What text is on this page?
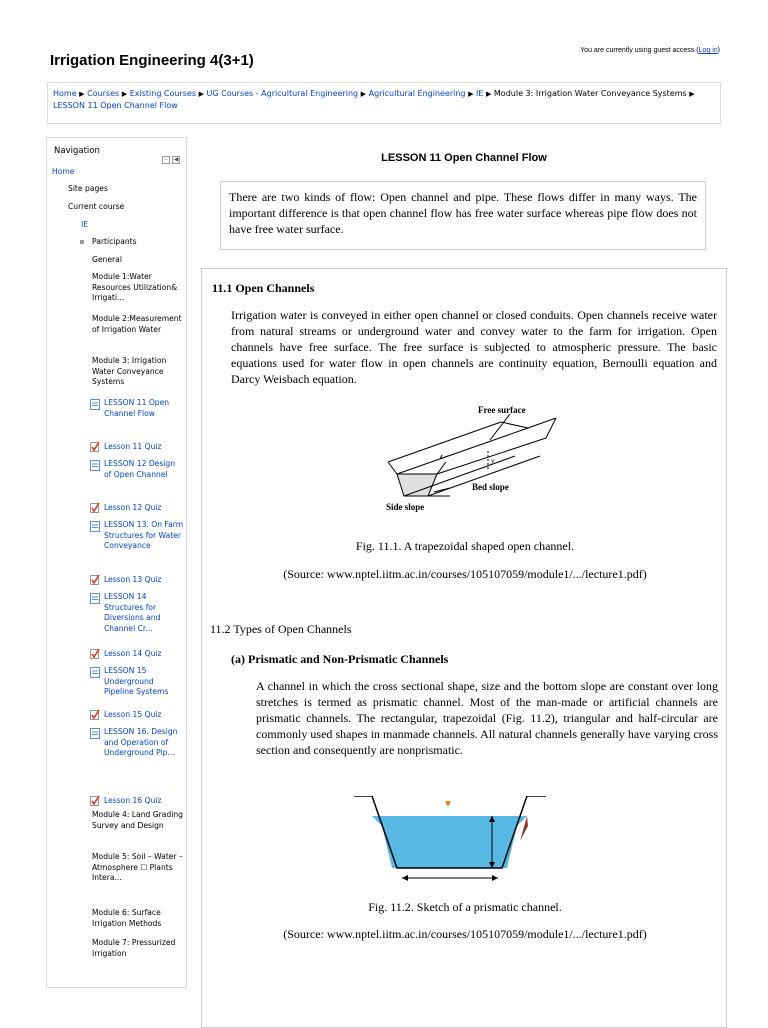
Irrigation Engineering 4(3+1)
You are currently using guest access (Log in)
Home ▶ Courses ▶ Existing Courses ▶ UG Courses - Agricultural Engineering ▶ Agricultural Engineering ▶ IE ▶ Module 3: Irrigation Water Conveyance Systems ▶ LESSON 11 Open Channel Flow
Navigation
– ◀
Home
Site pages
Current course
IE
Participants
General
Module 1:Water Resources Utilization& Irrigati...
Module 2:Measurement of Irrigation Water
Module 3: Irrigation Water Conveyance Systems
LESSON 11 Open Channel Flow
Lesson 11 Quiz
LESSON 12 Design of Open Channel
Lesson 12 Quiz
LESSON 13. On Farm Structures for Water Conveyance
Lesson 13 Quiz
LESSON 14 Structures for Diversions and Channel Cr...
Lesson 14 Quiz
LESSON 15 Underground Pipeline Systems
Lesson 15 Quiz
LESSON 16. Design and Operation of Underground Pip...
Lesson 16 Quiz
Module 4: Land Grading Survey and Design
Module 5: Soil – Water – Atmosphere ☐ Plants Intera...
Module 6: Surface Irrigation Methods
Module 7: Pressurized Irrigation
LESSON 11 Open Channel Flow
There are two kinds of flow: Open channel and pipe. These flows differ in many ways. The important difference is that open channel flow has free water surface whereas pipe flow does not have free water surface.
11.1 Open Channels
Irrigation water is conveyed in either open channel or closed conduits. Open channels receive water from natural streams or underground water and convey water to the farm for irrigation. Open channels have free surface. The free surface is subjected to atmospheric pressure. The basic equations used for water flow in open channels are continuity equation, Bernoulli equation and Darcy Weisbach equation.
Free surface
y
Bed slope
Side slope
Fig. 11.1. A trapezoidal shaped open channel.
(Source: www.nptel.iitm.ac.in/courses/105107059/module1/.../lecture1.pdf)
11.2 Types of Open Channels
(a) Prismatic and Non-Prismatic Channels
A channel in which the cross sectional shape, size and the bottom slope are constant over long stretches is termed as prismatic channel. Most of the man-made or artificial channels are prismatic channels. The rectangular, trapezoidal (Fig. 11.2), triangular and half-circular are commonly used shapes in manmade channels. All natural channels generally have varying cross section and consequently are nonprismatic.
Fig. 11.2. Sketch of a prismatic channel.
(Source: www.nptel.iitm.ac.in/courses/105107059/module1/.../lecture1.pdf)
